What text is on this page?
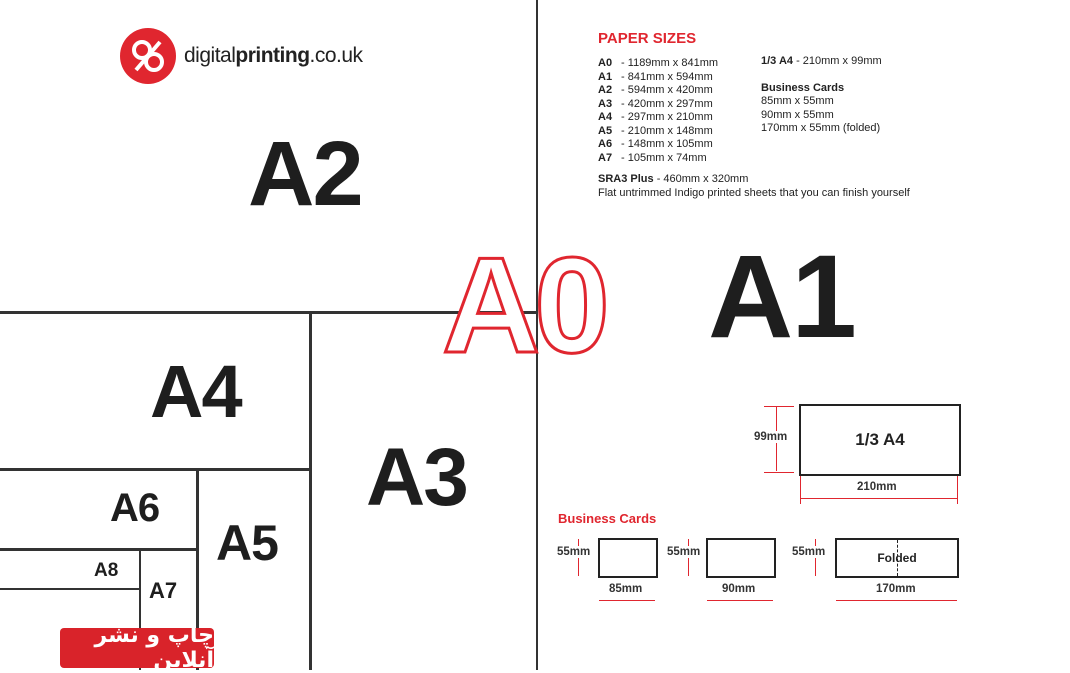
digitalprinting.co.uk
A2
A1
A4
A3
A6
A5
A7
A8
A0
PAPER SIZES
A0 - 1189mm x 841mm
A1 - 841mm x 594mm
A2 - 594mm x 420mm
A3 - 420mm x 297mm
A4 - 297mm x 210mm
A5 - 210mm x 148mm
A6 - 148mm x 105mm
A7 - 105mm x 74mm
SRA3 Plus - 460mm x 320mm
Flat untrimmed Indigo printed sheets that you can finish yourself
1/3 A4 - 210mm x 99mm
Business Cards
85mm x 55mm
90mm x 55mm
170mm x 55mm (folded)
1/3 A4
99mm
210mm
Business Cards
55mm
85mm
55mm
90mm
Folded
55mm
170mm
چاپ و نشر آنلاین
